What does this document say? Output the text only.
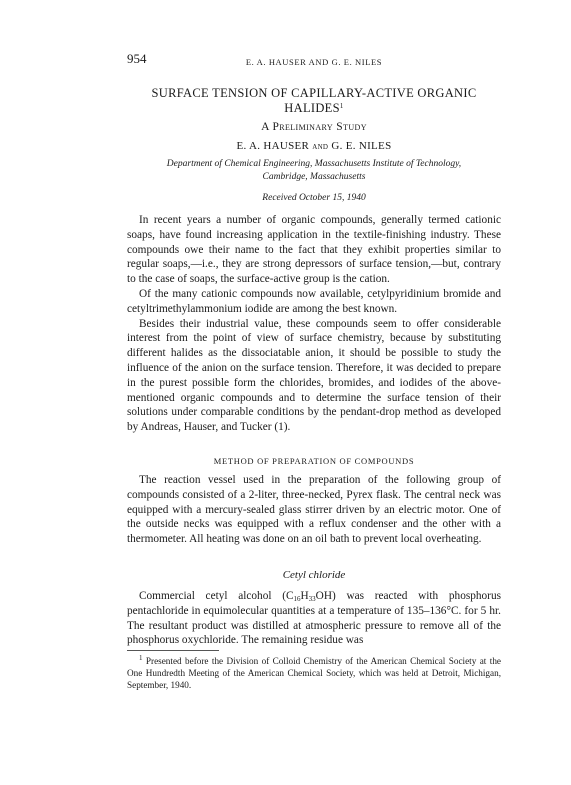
954	E. A. HAUSER AND G. E. NILES
SURFACE TENSION OF CAPILLARY-ACTIVE ORGANIC
HALIDES$^1$
A Preliminary Study
E. A. HAUSER and G. E. NILES
Department of Chemical Engineering, Massachusetts Institute of Technology,
Cambridge, Massachusetts
Received October 15, 1940

In recent years a number of organic compounds, generally termed cationic soaps, have found increasing application in the textile-finishing industry. These compounds owe their name to the fact that they exhibit properties similar to regular soaps,—i.e., they are strong depressors of surface tension,—but, contrary to the case of soaps, the surface-active group is the cation.

Of the many cationic compounds now available, cetylpyridinium bromide and cetyltrimethylammonium iodide are among the best known.

Besides their industrial value, these compounds seem to offer considerable interest from the point of view of surface chemistry, because by substituting different halides as the dissociatable anion, it should be possible to study the influence of the anion on the surface tension. Therefore, it was decided to prepare in the purest possible form the chlorides, bromides, and iodides of the above-mentioned organic compounds and to determine the surface tension of their solutions under comparable conditions by the pendant-drop method as developed by Andreas, Hauser, and Tucker (1).

METHOD OF PREPARATION OF COMPOUNDS

The reaction vessel used in the preparation of the following group of compounds consisted of a 2-liter, three-necked, Pyrex flask. The central neck was equipped with a mercury-sealed glass stirrer driven by an electric motor. One of the outside necks was equipped with a reflux condenser and the other with a thermometer. All heating was done on an oil bath to prevent local overheating.

Cetyl chloride

Commercial cetyl alcohol $(C_{16}H_{33}OH)$ was reacted with phosphorus pentachloride in equimolecular quantities at a temperature of 135–136°C. for 5 hr. The resultant product was distilled at atmospheric pressure to remove all of the phosphorus oxychloride. The remaining residue was

$^1$ Presented before the Division of Colloid Chemistry of the American Chemical Society at the One Hundredth Meeting of the American Chemical Society, which was held at Detroit, Michigan, September, 1940.
